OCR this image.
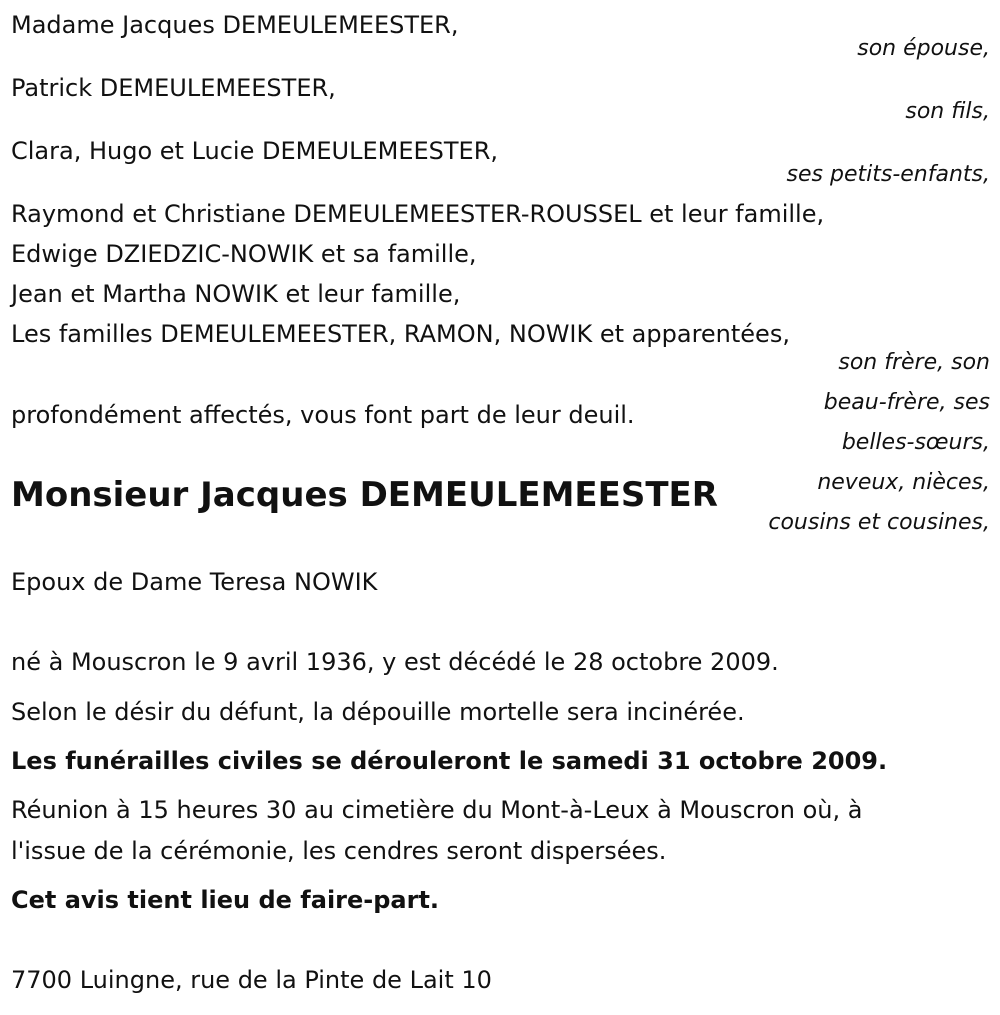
Madame Jacques DEMEULEMEESTER,
son épouse,
Patrick DEMEULEMEESTER,
son fils,
Clara, Hugo et Lucie DEMEULEMEESTER,
ses petits-enfants,
Raymond et Christiane DEMEULEMEESTER-ROUSSEL et leur famille,
Edwige DZIEDZIC-NOWIK et sa famille,
Jean et Martha NOWIK et leur famille,
Les familles DEMEULEMEESTER, RAMON, NOWIK et apparentées,
son frère, son
beau-frère, ses
belles-sœurs,
neveux, nièces,
cousins et cousines,
profondément affectés, vous font part de leur deuil.
Monsieur Jacques DEMEULEMEESTER
Epoux de Dame Teresa NOWIK
né à Mouscron le 9 avril 1936, y est décédé le 28 octobre 2009.
Selon le désir du défunt, la dépouille mortelle sera incinérée.
Les funérailles civiles se dérouleront le samedi 31 octobre 2009.
Réunion à 15 heures 30 au cimetière du Mont-à-Leux à Mouscron où, à
l'issue de la cérémonie, les cendres seront dispersées.
Cet avis tient lieu de faire-part.
7700 Luingne, rue de la Pinte de Lait 10
